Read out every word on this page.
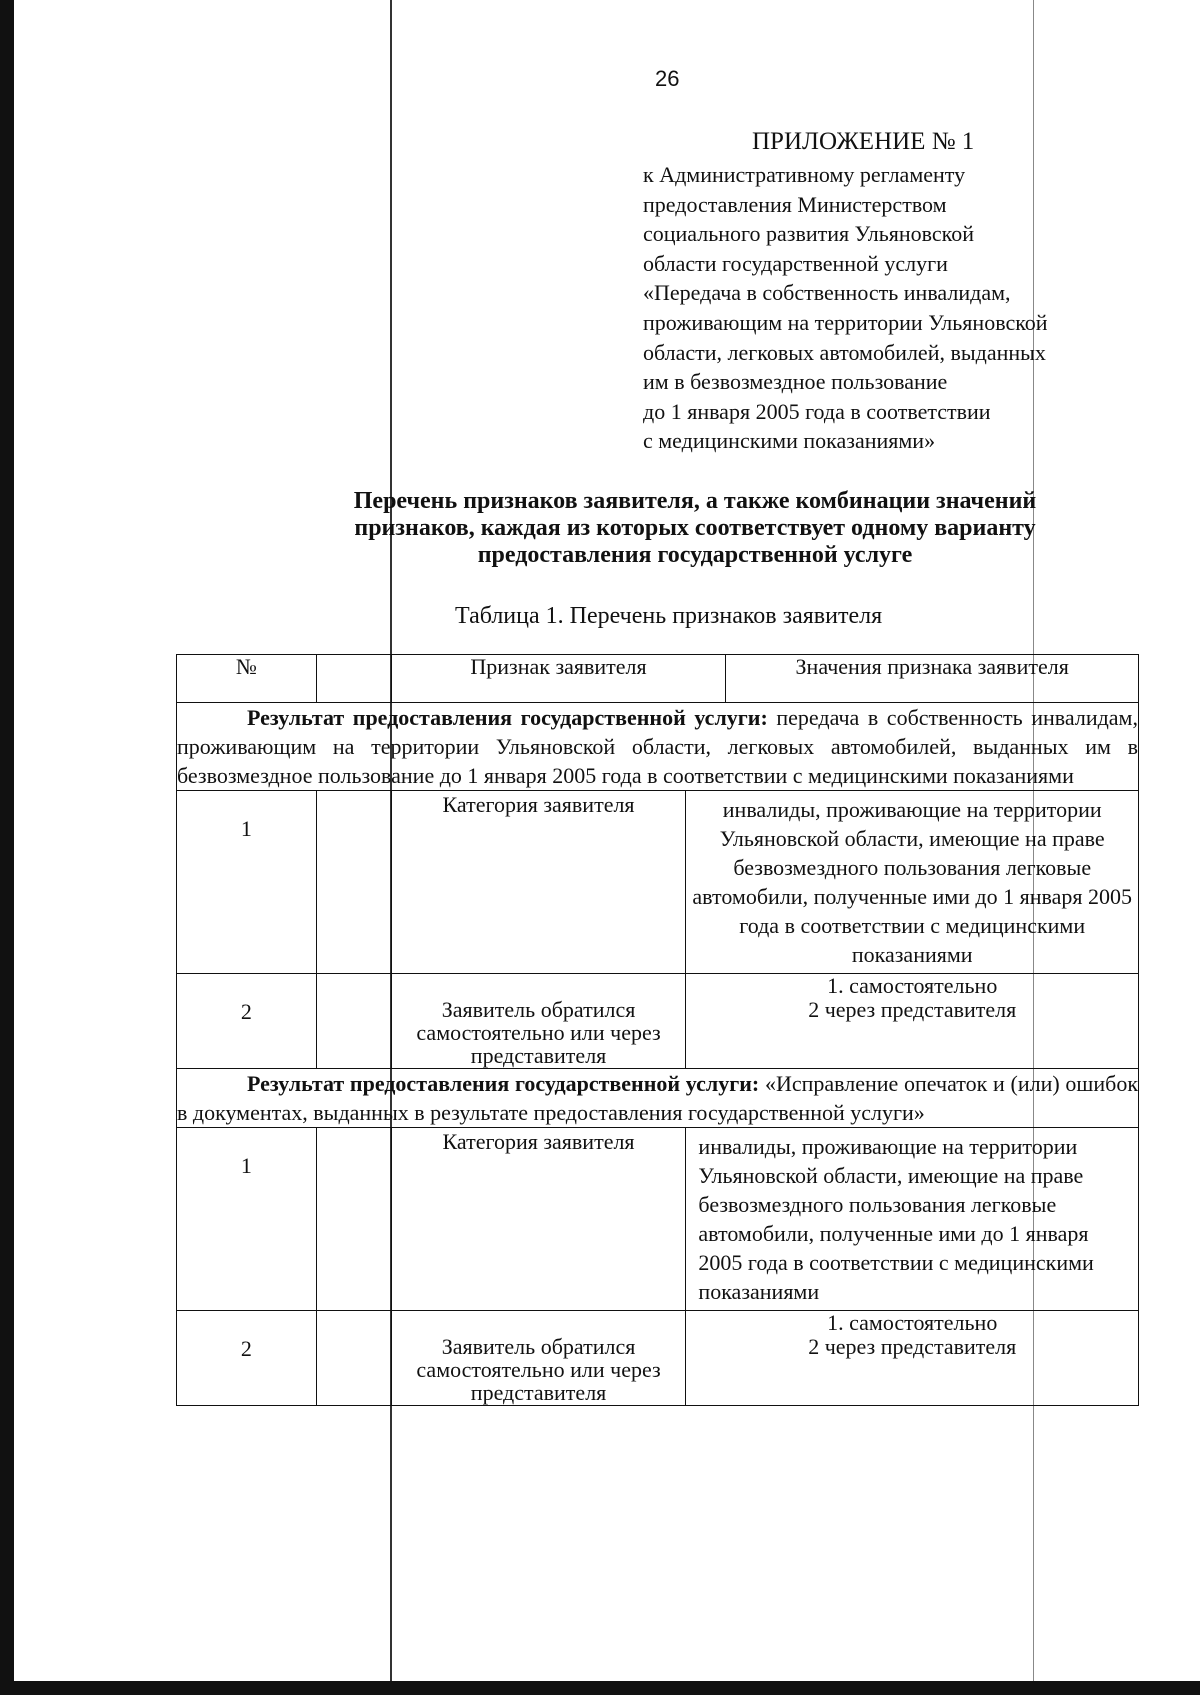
26
ПРИЛОЖЕНИЕ № 1
к Административному регламенту
предоставления Министерством
социального развития Ульяновской
области государственной услуги
«Передача в собственность инвалидам,
проживающим на территории Ульяновской
области, легковых автомобилей, выданных
им в безвозмездное пользование
до 1 января 2005 года в соответствии
с медицинскими показаниями»
Перечень признаков заявителя, а также комбинации значений
признаков, каждая из которых соответствует одному варианту
предоставления государственной услуге
Таблица 1. Перечень признаков заявителя
№		Признак заявителя		Значения признака заявителя
Результат предоставления государственной услуги: передача в собственность инвалидам, проживающим на территории Ульяновской области, легковых автомобилей, выданных им в безвозмездное пользование до 1 января 2005 года в соответствии с медицинскими показаниями				
1		Категория заявителя	инвалиды, проживающие на территории Ульяновской области, имеющие на праве безвозмездного пользования легковые автомобили, полученные ими до 1 января 2005 года в соответствии с медицинскими показаниями	
2		Заявитель обратился самостоятельно или через представителя	1. самостоятельно
2 через представителя	

Результат предоставления государственной услуги: «Исправление опечаток и (или) ошибок в документах, выданных в результате предоставления государственной услуги»				
1		Категория заявителя	инвалиды, проживающие на территории Ульяновской области, имеющие на праве безвозмездного пользования легковые автомобили, полученные ими до 1 января 2005 года в соответствии с медицинскими показаниями	
2		Заявитель обратился самостоятельно или через представителя	1. самостоятельно
2 через представителя	
